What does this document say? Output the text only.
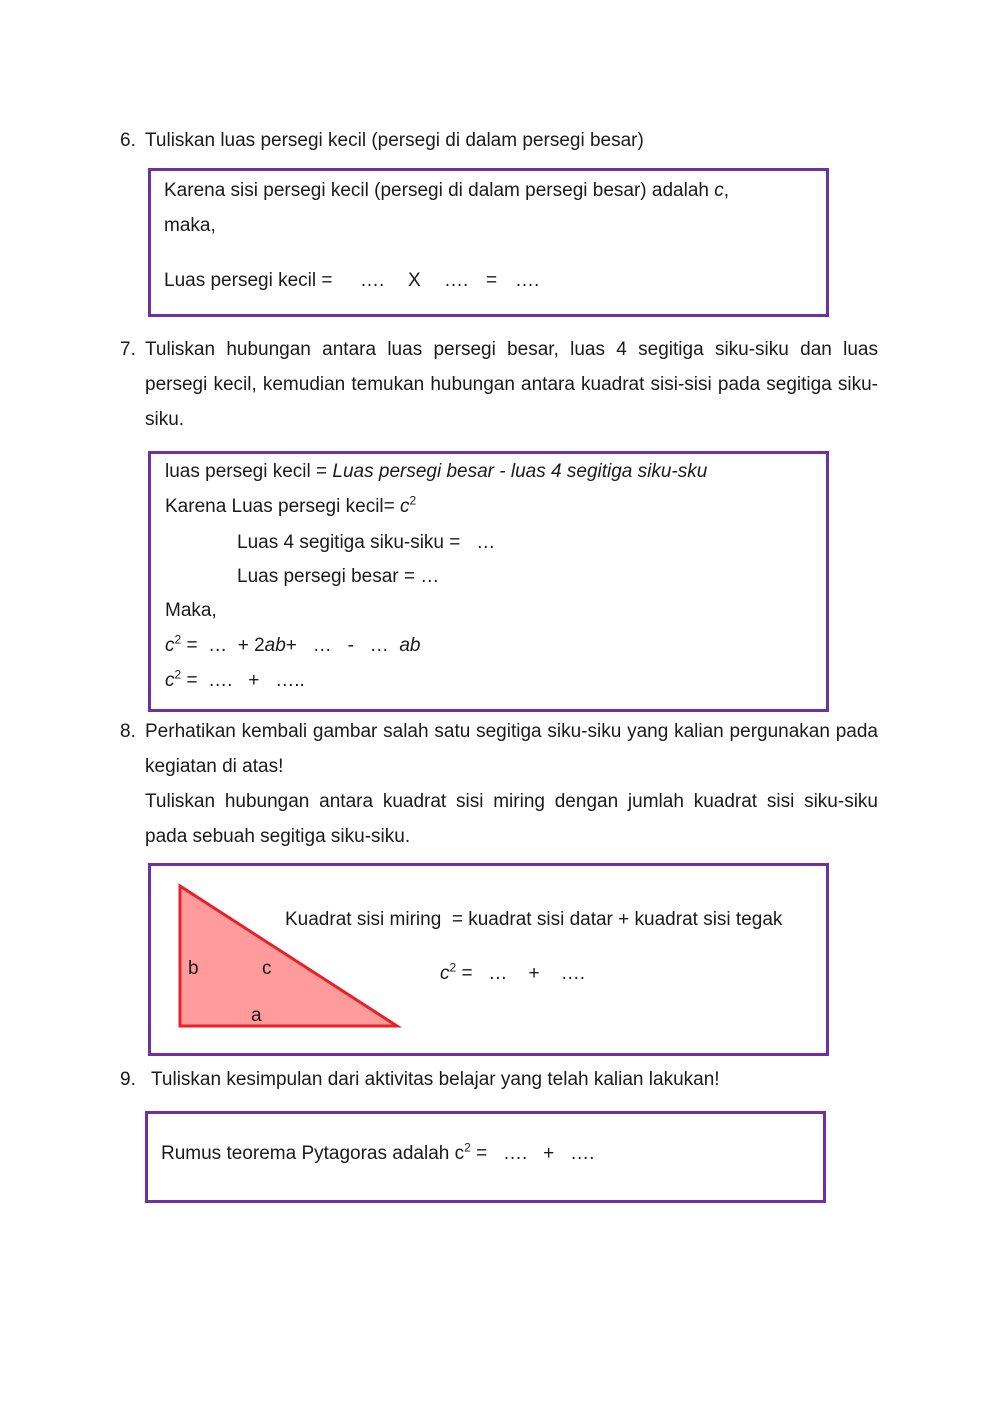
6. Tuliskan luas persegi kecil (persegi di dalam persegi besar)
Karena sisi persegi kecil (persegi di dalam persegi besar) adalah c,
maka,
Luas persegi kecil = …. X …. = ….
7. Tuliskan hubungan antara luas persegi besar, luas 4 segitiga siku-siku dan luas persegi kecil, kemudian temukan hubungan antara kuadrat sisi-sisi pada segitiga siku-siku.
luas persegi kecil = Luas persegi besar - luas 4 segitiga siku-sku
Karena Luas persegi kecil= $c^2$
Luas 4 segitiga siku-siku = …
Luas persegi besar = …
Maka,
$c^2$ = … + 2ab+ … - … ab
$c^2$ = …. + …..
8. Perhatikan kembali gambar salah satu segitiga siku-siku yang kalian pergunakan pada kegiatan di atas!
Tuliskan hubungan antara kuadrat sisi miring dengan jumlah kuadrat sisi siku-siku pada sebuah segitiga siku-siku.
b	c
a
Kuadrat sisi miring  = kuadrat sisi datar + kuadrat sisi tegak
$c^2$ = … + ….
9. Tuliskan kesimpulan dari aktivitas belajar yang telah kalian lakukan!
Rumus teorema Pytagoras adalah $c^2$ = …. + ….
